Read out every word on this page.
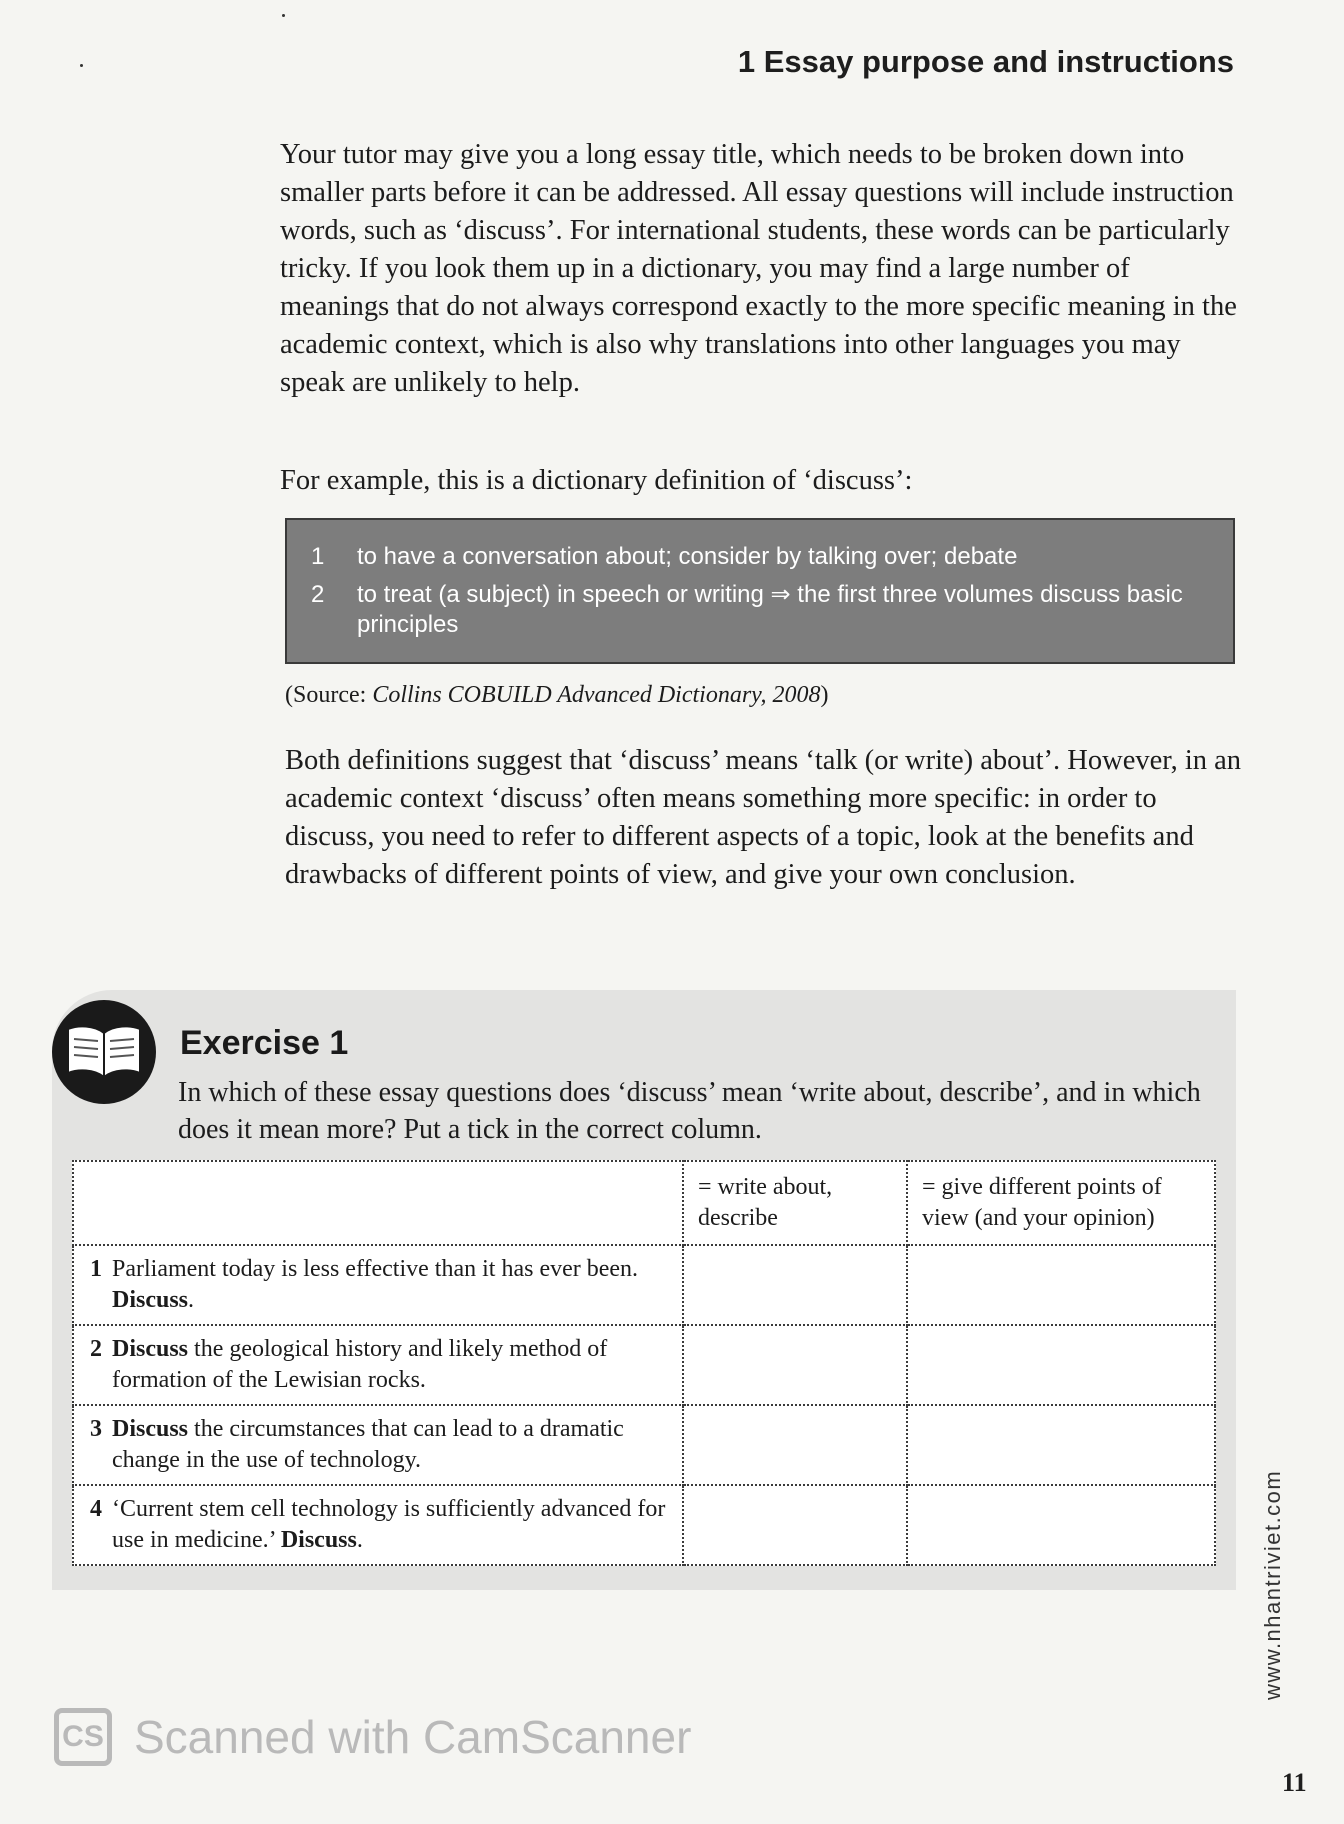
1 Essay purpose and instructions

Your tutor may give you a long essay title, which needs to be broken down into smaller parts before it can be addressed. All essay questions will include instruction words, such as ‘discuss’. For international students, these words can be particularly tricky. If you look them up in a dictionary, you may find a large number of meanings that do not always correspond exactly to the more specific meaning in the academic context, which is also why translations into other languages you may speak are unlikely to help.

For example, this is a dictionary definition of ‘discuss’:

1	to have a conversation about; consider by talking over; debate
2	to treat (a subject) in speech or writing ⇒ the first three volumes discuss basic principles
(Source: Collins COBUILD Advanced Dictionary, 2008)

Both definitions suggest that ‘discuss’ means ‘talk (or write) about’. However, in an academic context ‘discuss’ often means something more specific: in order to discuss, you need to refer to different aspects of a topic, look at the benefits and drawbacks of different points of view, and give your own conclusion.

Exercise 1

In which of these essay questions does ‘discuss’ mean ‘write about, describe’, and in which does it mean more? Put a tick in the correct column.

	= write about, describe	= give different points of view (and your opinion)

1 Parliament today is less effective than it has ever been. Discuss.		

2 Discuss the geological history and likely method of formation of the Lewisian rocks.		

3 Discuss the circumstances that can lead to a dramatic change in the use of technology.		

4 ‘Current stem cell technology is sufficiently advanced for use in medicine.’ Discuss.		
			www.nhantriviet.com
CS Scanned with CamScanner
11
